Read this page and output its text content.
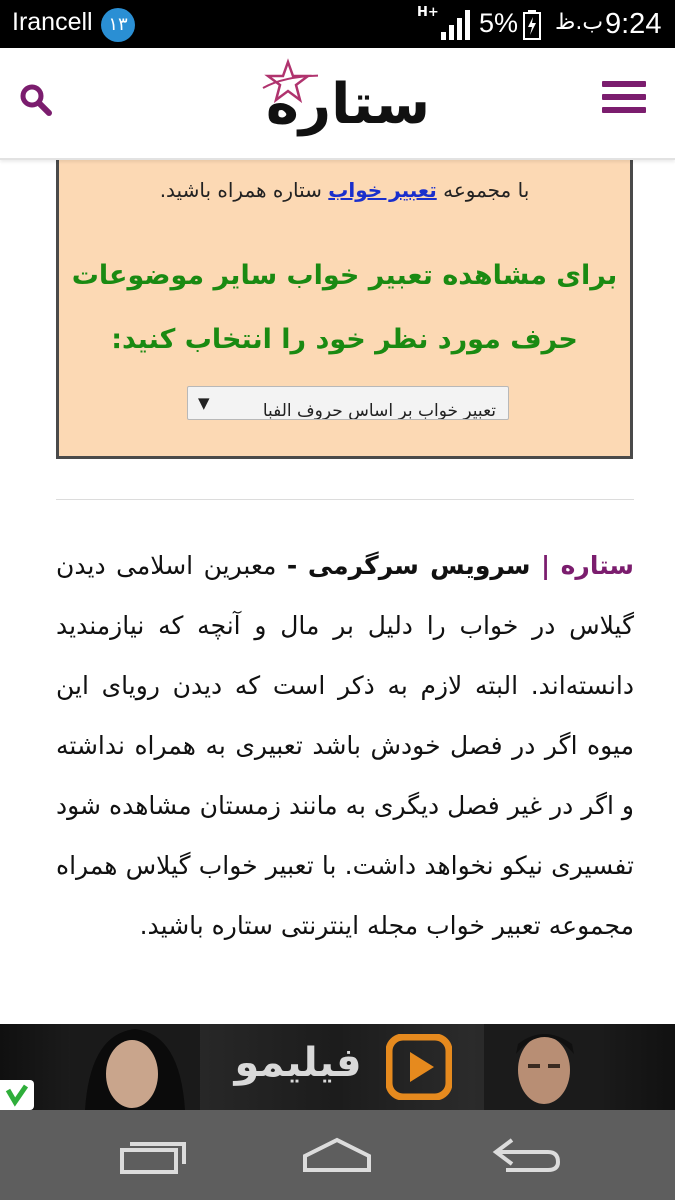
Irancell ۱۳
H+ 5% ب.ظ 9:24
ستاره
با مجموعه تعبیر خواب ستاره همراه باشید.
برای مشاهده تعبیر خواب سایر موضوعات حرف مورد نظر خود را انتخاب کنید:
تعبیر خواب بر اساس حروف الفبا
▼
ستاره | سرویس سرگرمی - معبرین اسلامی دیدن گیلاس در خواب را دلیل بر مال و آنچه که نیازمندید دانسته‌اند. البته لازم به ذکر است که دیدن رویای این میوه اگر در فصل خودش باشد تعبیری به همراه نداشته و اگر در غیر فصل دیگری به مانند زمستان مشاهده شود تفسیری نیکو نخواهد داشت. با تعبیر خواب گیلاس همراه مجموعه تعبیر خواب مجله اینترنتی ستاره باشید.
فیلیمو
